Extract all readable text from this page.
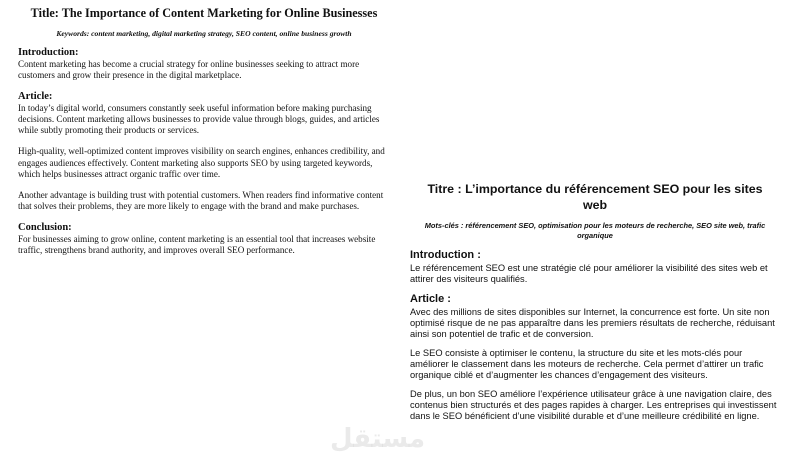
Title: The Importance of Content Marketing for Online Businesses
Keywords: content marketing, digital marketing strategy, SEO content, online business growth
Introduction:

Content marketing has become a crucial strategy for online businesses seeking to attract more customers and grow their presence in the digital marketplace.

Article:

In today’s digital world, consumers constantly seek useful information before making purchasing decisions. Content marketing allows businesses to provide value through blogs, guides, and articles while subtly promoting their products or services.

High-quality, well-optimized content improves visibility on search engines, enhances credibility, and engages audiences effectively. Content marketing also supports SEO by using targeted keywords, which helps businesses attract organic traffic over time.

Another advantage is building trust with potential customers. When readers find informative content that solves their problems, they are more likely to engage with the brand and make purchases.

Conclusion:

For businesses aiming to grow online, content marketing is an essential tool that increases website traffic, strengthens brand authority, and improves overall SEO performance.

Titre : L’importance du référencement SEO pour les sites web
Mots-clés : référencement SEO, optimisation pour les moteurs de recherche, SEO site web, trafic organique
Introduction :

Le référencement SEO est une stratégie clé pour améliorer la visibilité des sites web et attirer des visiteurs qualifiés.

Article :

Avec des millions de sites disponibles sur Internet, la concurrence est forte. Un site non optimisé risque de ne pas apparaître dans les premiers résultats de recherche, réduisant ainsi son potentiel de trafic et de conversion.

Le SEO consiste à optimiser le contenu, la structure du site et les mots-clés pour améliorer le classement dans les moteurs de recherche. Cela permet d’attirer un trafic organique ciblé et d’augmenter les chances d’engagement des visiteurs.

De plus, un bon SEO améliore l’expérience utilisateur grâce à une navigation claire, des contenus bien structurés et des pages rapides à charger. Les entreprises qui investissent dans le SEO bénéficient d’une visibilité durable et d’une meilleure crédibilité en ligne.

مستقل
